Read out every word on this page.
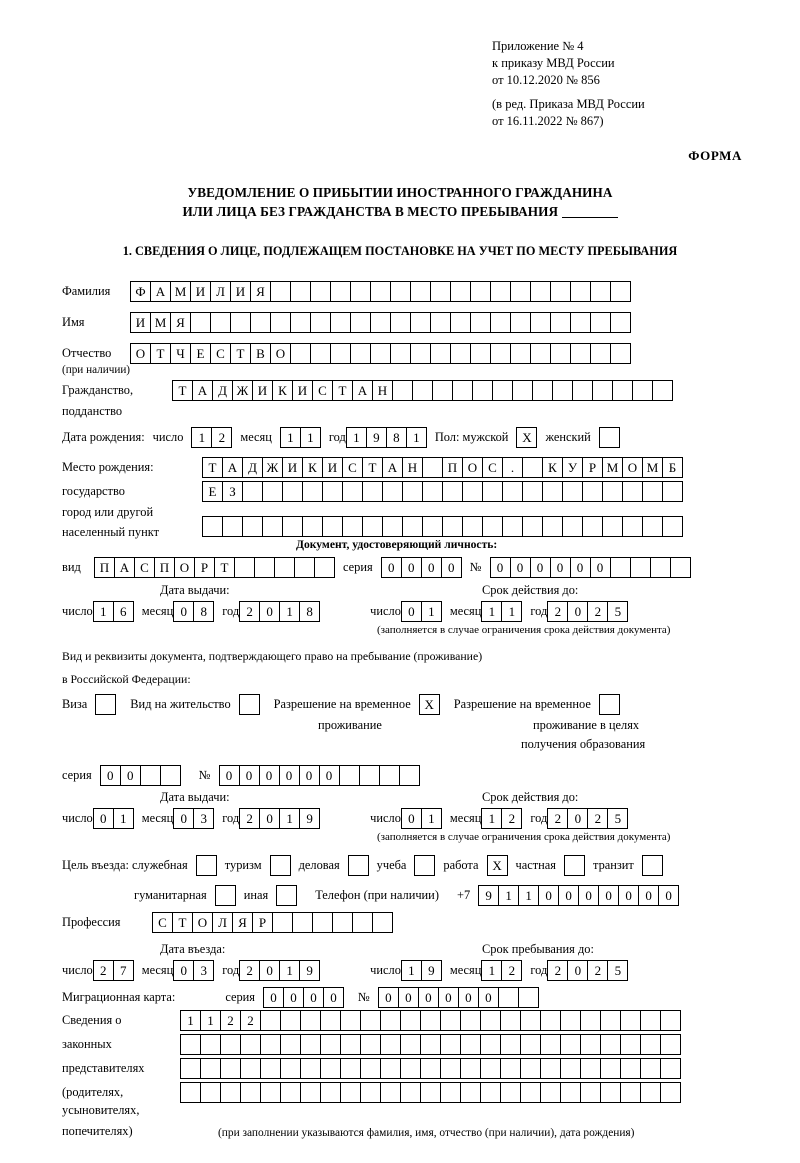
Приложение № 4
к приказу МВД России
от 10.12.2020 № 856
(в ред. Приказа МВД России
от 16.11.2022 № 867)
ФОРМА
УВЕДОМЛЕНИЕ О ПРИБЫТИИ ИНОСТРАННОГО ГРАЖДАНИНА
ИЛИ ЛИЦА БЕЗ ГРАЖДАНСТВА В МЕСТО ПРЕБЫВАНИЯ
1. СВЕДЕНИЯ О ЛИЦЕ, ПОДЛЕЖАЩЕМ ПОСТАНОВКЕ НА УЧЕТ ПО МЕСТУ ПРЕБЫВАНИЯ
Фамилия	Ф А М И Л И Я
Имя	И М Я
Отчество	О Т Ч Е С Т В О
(при наличии)
Гражданство,	Т А Д Ж И К И С Т А Н
подданство
Дата рождения: число	1	2	месяц	1	1	год 1	9	8	1	Пол: мужской	X	женский
Место рождения:	Т А Д Ж И К И С Т А Н	П О С	.	К У Р М О М Б
государство	Е З
город или другой
населенный пункт
Документ, удостоверяющий личность:
вид	П А С П О Р Т	серия	0	0	0	0	№	0	0	0	0	0	0
Дата выдачи:	Срок действия до:
число 1	6	месяц 0	8	год 2	0	1	8	число 0	1	месяц 1	1	год 2	0	2	5
(заполняется в случае ограничения срока действия документа)
Вид и реквизиты документа, подтверждающего право на пребывание (проживание)
в Российской Федерации:
Виза	Вид на жительство	Разрешение на временное	X	Разрешение на временное
проживание	проживание в целях
получения образования
серия	0	0	№	0	0	0	0	0	0
Дата выдачи:	Срок действия до:
число 0	1	месяц 0	3	год 2	0	1	9	число 0	1	месяц 1	2	год 2	0	2	5
(заполняется в случае ограничения срока действия документа)
Цель въезда: служебная	туризм	деловая	учеба	работа	X	частная	транзит
гуманитарная	иная	Телефон (при наличии) +7	9	1	1	0	0	0	0	0	0	0
Профессия	С Т О Л Я Р
Дата въезда:	Срок пребывания до:
число 2	7	месяц 0	3	год 2	0	1	9	число 1	9	месяц 1	2	год 2	0	2	5
Миграционная карта:	серия	0	0	0	0	№	0	0	0	0	0	0
Сведения о	1	1	2	2
законных
представителях
(родителях,
усыновителях,
попечителях)	(при заполнении указываются фамилия, имя, отчество (при наличии), дата рождения)
